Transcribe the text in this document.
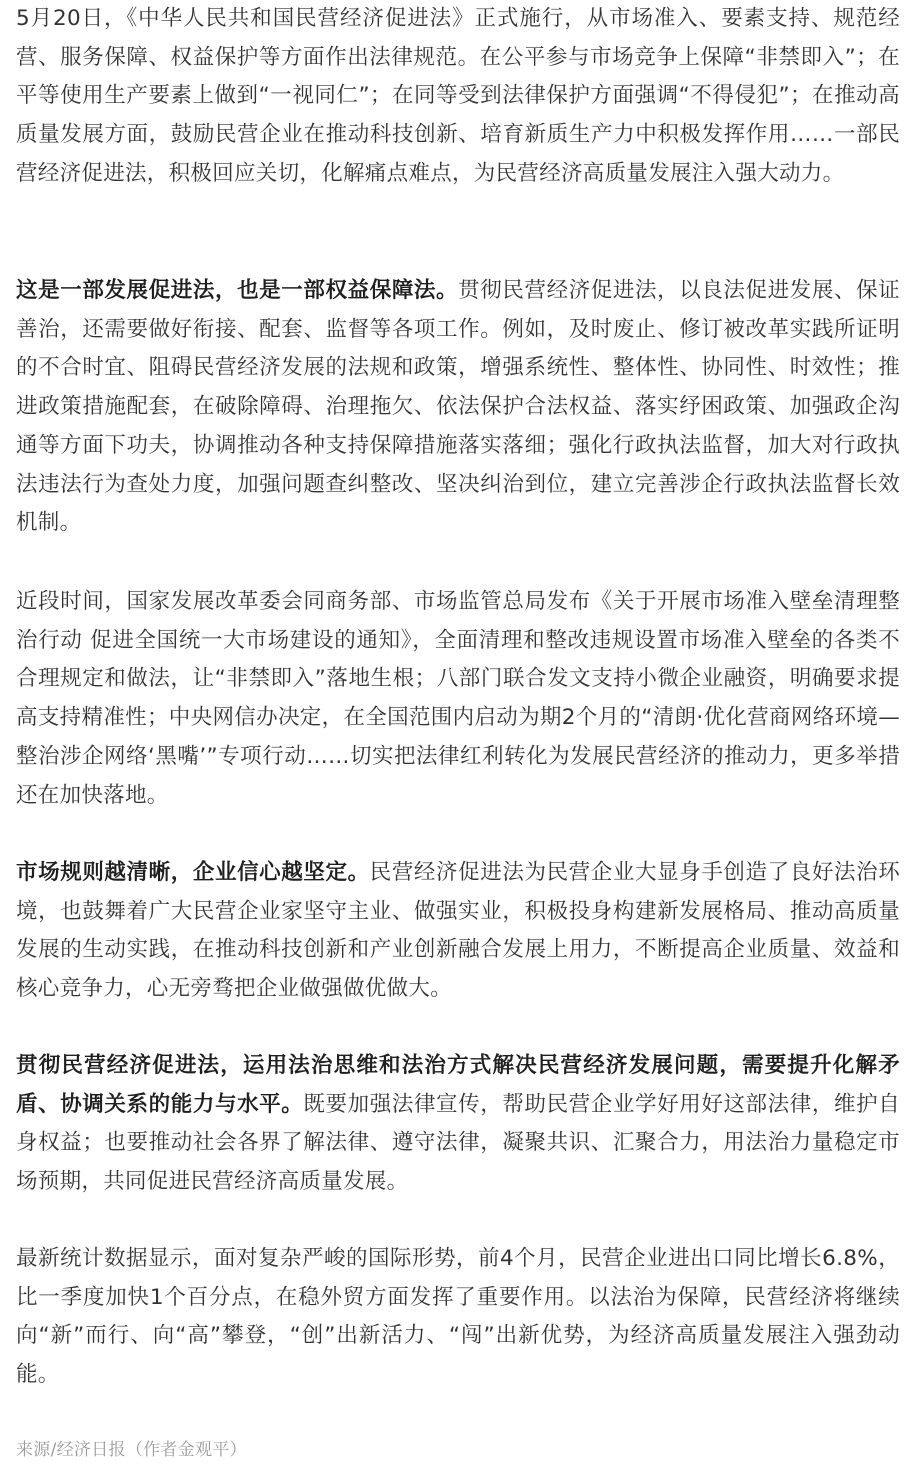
5月20日，《中华人民共和国民营经济促进法》正式施行，从市场准入、要素支持、规范经营、服务保障、权益保护等方面作出法律规范。在公平参与市场竞争上保障“非禁即入”；在平等使用生产要素上做到“一视同仁”；在同等受到法律保护方面强调“不得侵犯”；在推动高质量发展方面，鼓励民营企业在推动科技创新、培育新质生产力中积极发挥作用……一部民营经济促进法，积极回应关切，化解痛点难点，为民营经济高质量发展注入强大动力。

这是一部发展促进法，也是一部权益保障法。贯彻民营经济促进法，以良法促进发展、保证善治，还需要做好衔接、配套、监督等各项工作。例如，及时废止、修订被改革实践所证明的不合时宜、阻碍民营经济发展的法规和政策，增强系统性、整体性、协同性、时效性；推进政策措施配套，在破除障碍、治理拖欠、依法保护合法权益、落实纾困政策、加强政企沟通等方面下功夫，协调推动各种支持保障措施落实落细；强化行政执法监督，加大对行政执法违法行为查处力度，加强问题查纠整改、坚决纠治到位，建立完善涉企行政执法监督长效机制。

近段时间，国家发展改革委会同商务部、市场监管总局发布《关于开展市场准入壁垒清理整治行动 促进全国统一大市场建设的通知》，全面清理和整改违规设置市场准入壁垒的各类不合理规定和做法，让“非禁即入”落地生根；八部门联合发文支持小微企业融资，明确要求提高支持精准性；中央网信办决定，在全国范围内启动为期2个月的“清朗·优化营商网络环境—整治涉企网络‘黑嘴’”专项行动……切实把法律红利转化为发展民营经济的推动力，更多举措还在加快落地。

市场规则越清晰，企业信心越坚定。民营经济促进法为民营企业大显身手创造了良好法治环境，也鼓舞着广大民营企业家坚守主业、做强实业，积极投身构建新发展格局、推动高质量发展的生动实践，在推动科技创新和产业创新融合发展上用力，不断提高企业质量、效益和核心竞争力，心无旁骛把企业做强做优做大。

贯彻民营经济促进法，运用法治思维和法治方式解决民营经济发展问题，需要提升化解矛盾、协调关系的能力与水平。既要加强法律宣传，帮助民营企业学好用好这部法律，维护自身权益；也要推动社会各界了解法律、遵守法律，凝聚共识、汇聚合力，用法治力量稳定市场预期，共同促进民营经济高质量发展。

最新统计数据显示，面对复杂严峻的国际形势，前4个月，民营企业进出口同比增长6.8%，比一季度加快1个百分点，在稳外贸方面发挥了重要作用。以法治为保障，民营经济将继续向“新”而行、向“高”攀登，“创”出新活力、“闯”出新优势，为经济高质量发展注入强劲动能。

来源/经济日报（作者金观平）
